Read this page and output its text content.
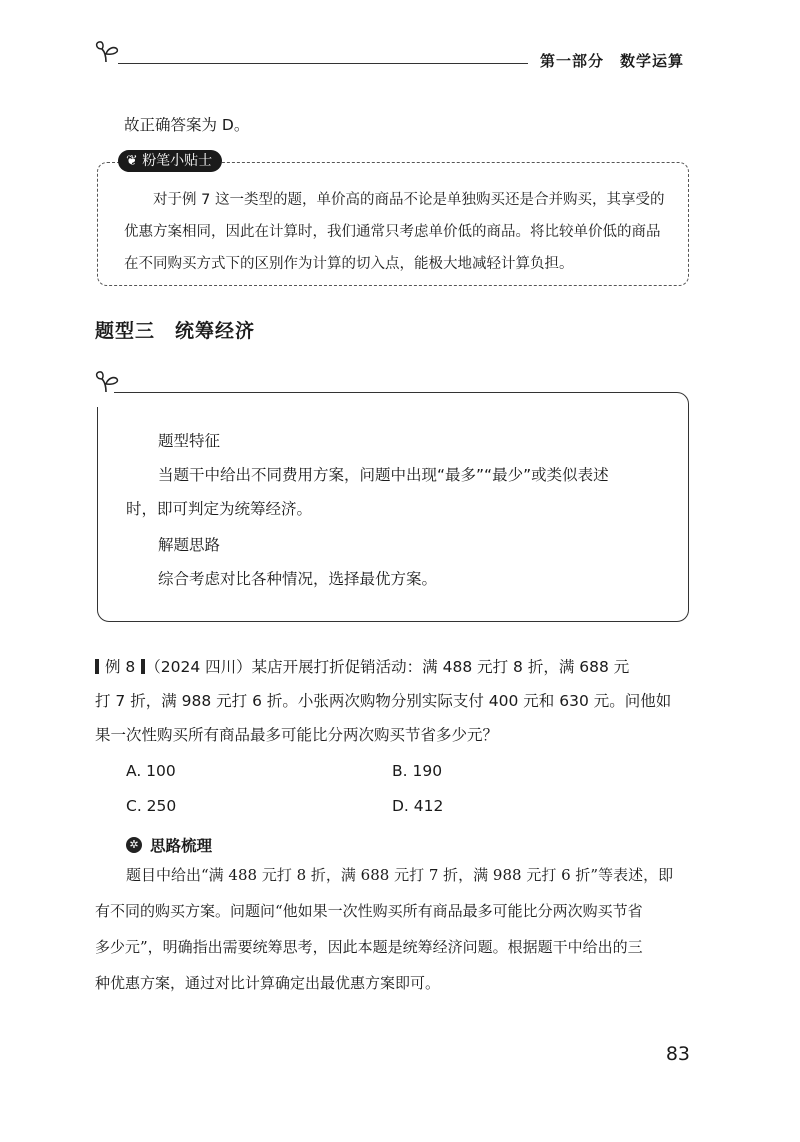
第一部分　数学运算
故正确答案为 D。
❦ 粉笔小贴士
对于例 7 这一类型的题，单价高的商品不论是单独购买还是合并购买，其享受的优惠方案相同，因此在计算时，我们通常只考虑单价低的商品。将比较单价低的商品在不同购买方式下的区别作为计算的切入点，能极大地减轻计算负担。
题型三　统筹经济
题型特征
当题干中给出不同费用方案，问题中出现“最多”“最少”或类似表述
时，即可判定为统筹经济。
解题思路
综合考虑对比各种情况，选择最优方案。
例 8 （2024 四川）某店开展打折促销活动：满 488 元打 8 折，满 688 元
打 7 折，满 988 元打 6 折。小张两次购物分别实际支付 400 元和 630 元。问他如
果一次性购买所有商品最多可能比分两次购买节省多少元？
A. 100	B. 190
C. 250	D. 412
✲ 思路梳理
题目中给出“满 488 元打 8 折，满 688 元打 7 折，满 988 元打 6 折”等表述，即
有不同的购买方案。问题问“他如果一次性购买所有商品最多可能比分两次购买节省
多少元”，明确指出需要统筹思考，因此本题是统筹经济问题。根据题干中给出的三
种优惠方案，通过对比计算确定出最优惠方案即可。
83
